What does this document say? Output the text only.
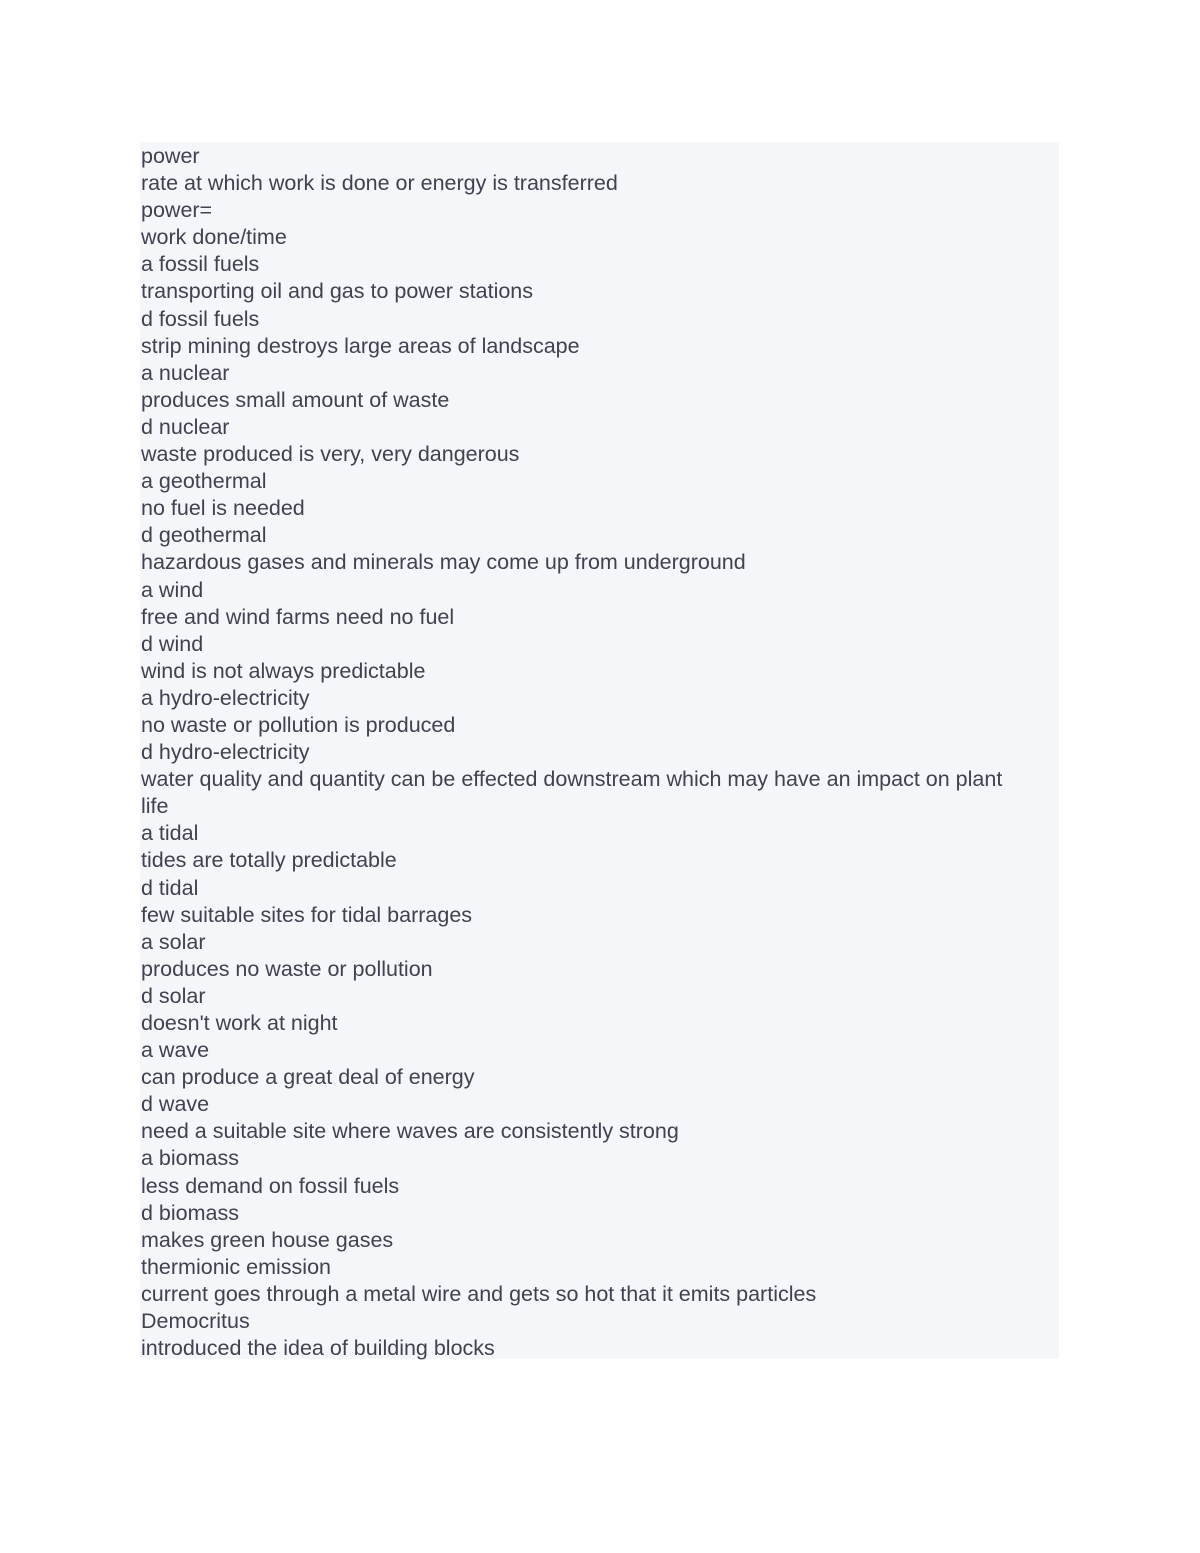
power

rate at which work is done or energy is transferred

power=

work done/time

a fossil fuels

transporting oil and gas to power stations

d fossil fuels

strip mining destroys large areas of landscape

a nuclear

produces small amount of waste

d nuclear

waste produced is very, very dangerous

a geothermal

no fuel is needed

d geothermal

hazardous gases and minerals may come up from underground

a wind

free and wind farms need no fuel

d wind

wind is not always predictable

a hydro-electricity

no waste or pollution is produced

d hydro-electricity

water quality and quantity can be effected downstream which may have an impact on plant life

a tidal

tides are totally predictable

d tidal

few suitable sites for tidal barrages

a solar

produces no waste or pollution

d solar

doesn't work at night

a wave

can produce a great deal of energy

d wave

need a suitable site where waves are consistently strong

a biomass

less demand on fossil fuels

d biomass

makes green house gases

thermionic emission

current goes through a metal wire and gets so hot that it emits particles

Democritus

introduced the idea of building blocks
